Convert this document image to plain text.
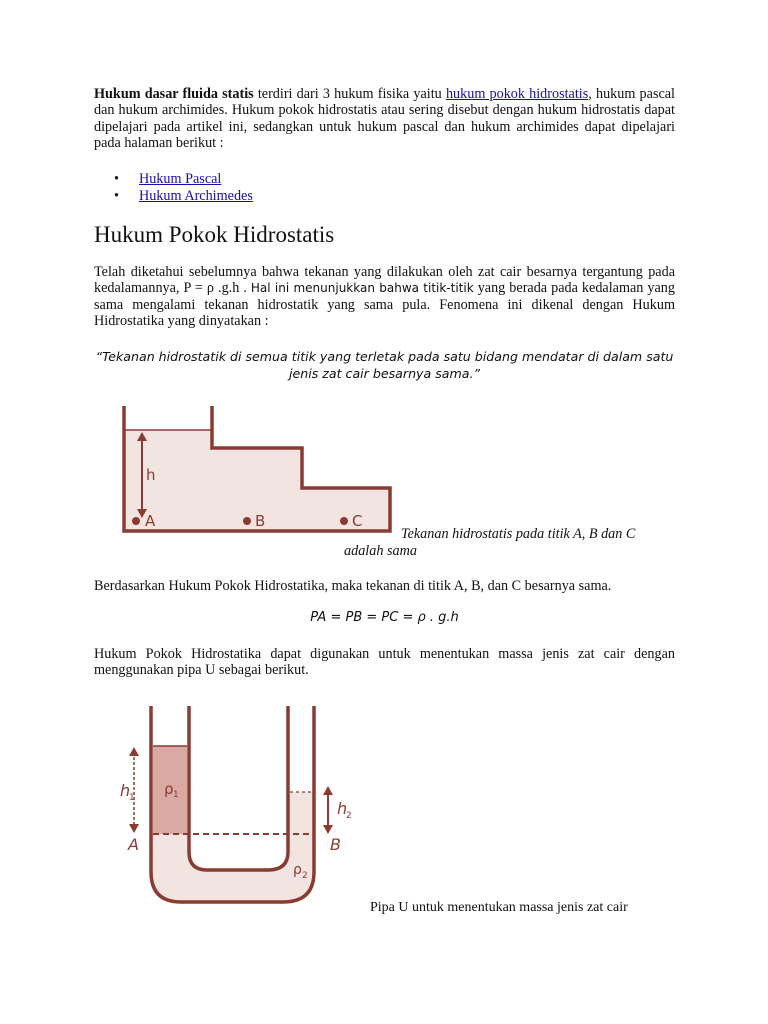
Hukum dasar fluida statis terdiri dari 3 hukum fisika yaitu hukum pokok hidrostatis, hukum pascal dan hukum archimides. Hukum pokok hidrostatis atau sering disebut dengan hukum hidrostatis dapat dipelajari pada artikel ini, sedangkan untuk hukum pascal dan hukum archimides dapat dipelajari pada halaman berikut :

• Hukum Pascal
• Hukum Archimedes
Hukum Pokok Hidrostatis

Telah diketahui sebelumnya bahwa tekanan yang dilakukan oleh zat cair besarnya tergantung pada kedalamannya, P = ρ .g.h . Hal ini menunjukkan bahwa titik-titik yang berada pada kedalaman yang sama mengalami tekanan hidrostatik yang sama pula. Fenomena ini dikenal dengan Hukum Hidrostatika yang dinyatakan :

“Tekanan hidrostatik di semua titik yang terletak pada satu bidang mendatar di dalam satu jenis zat cair besarnya sama.”

h
A	B	C

Tekanan hidrostatis pada titik A, B dan C adalah sama

Berdasarkan Hukum Pokok Hidrostatika, maka tekanan di titik A, B, dan C besarnya sama.

PA = PB = PC = ρ . g.h

Hukum Pokok Hidrostatika dapat digunakan untuk menentukan massa jenis zat cair dengan menggunakan pipa U sebagai berikut.

h
1 ρ 1
h
2
A	B
ρ 2

Pipa U untuk menentukan massa jenis zat cair
